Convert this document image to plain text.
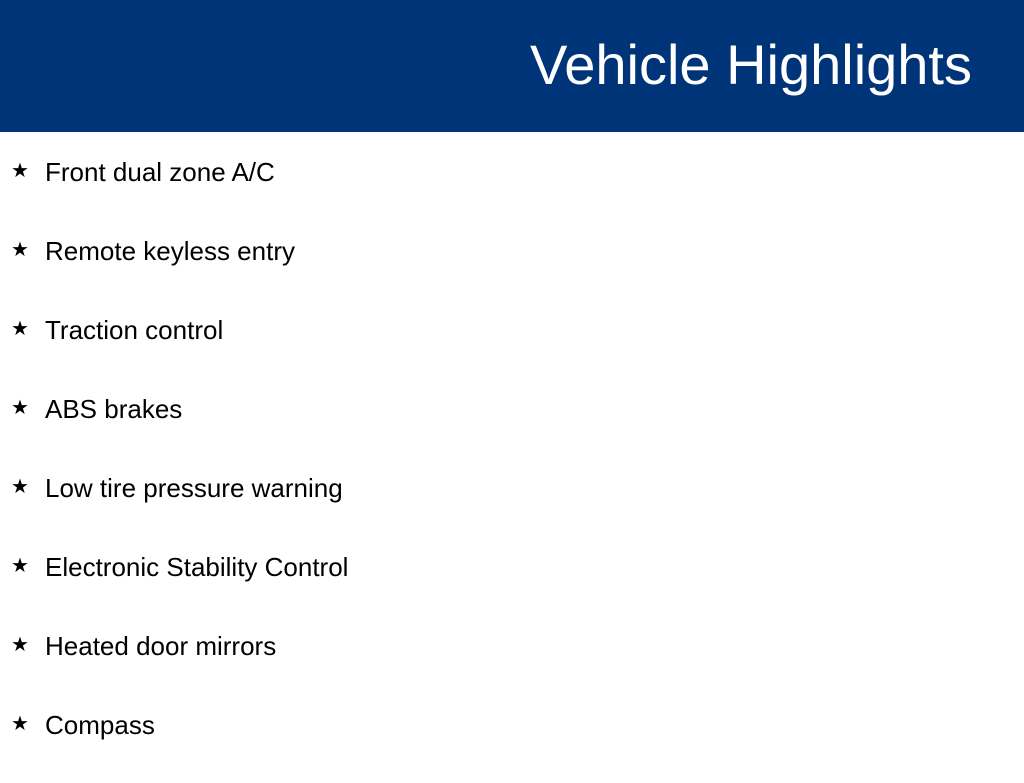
Vehicle Highlights
★ Front dual zone A/C
★ Remote keyless entry
★ Traction control
★ ABS brakes
★ Low tire pressure warning
★ Electronic Stability Control
★ Heated door mirrors
★ Compass
